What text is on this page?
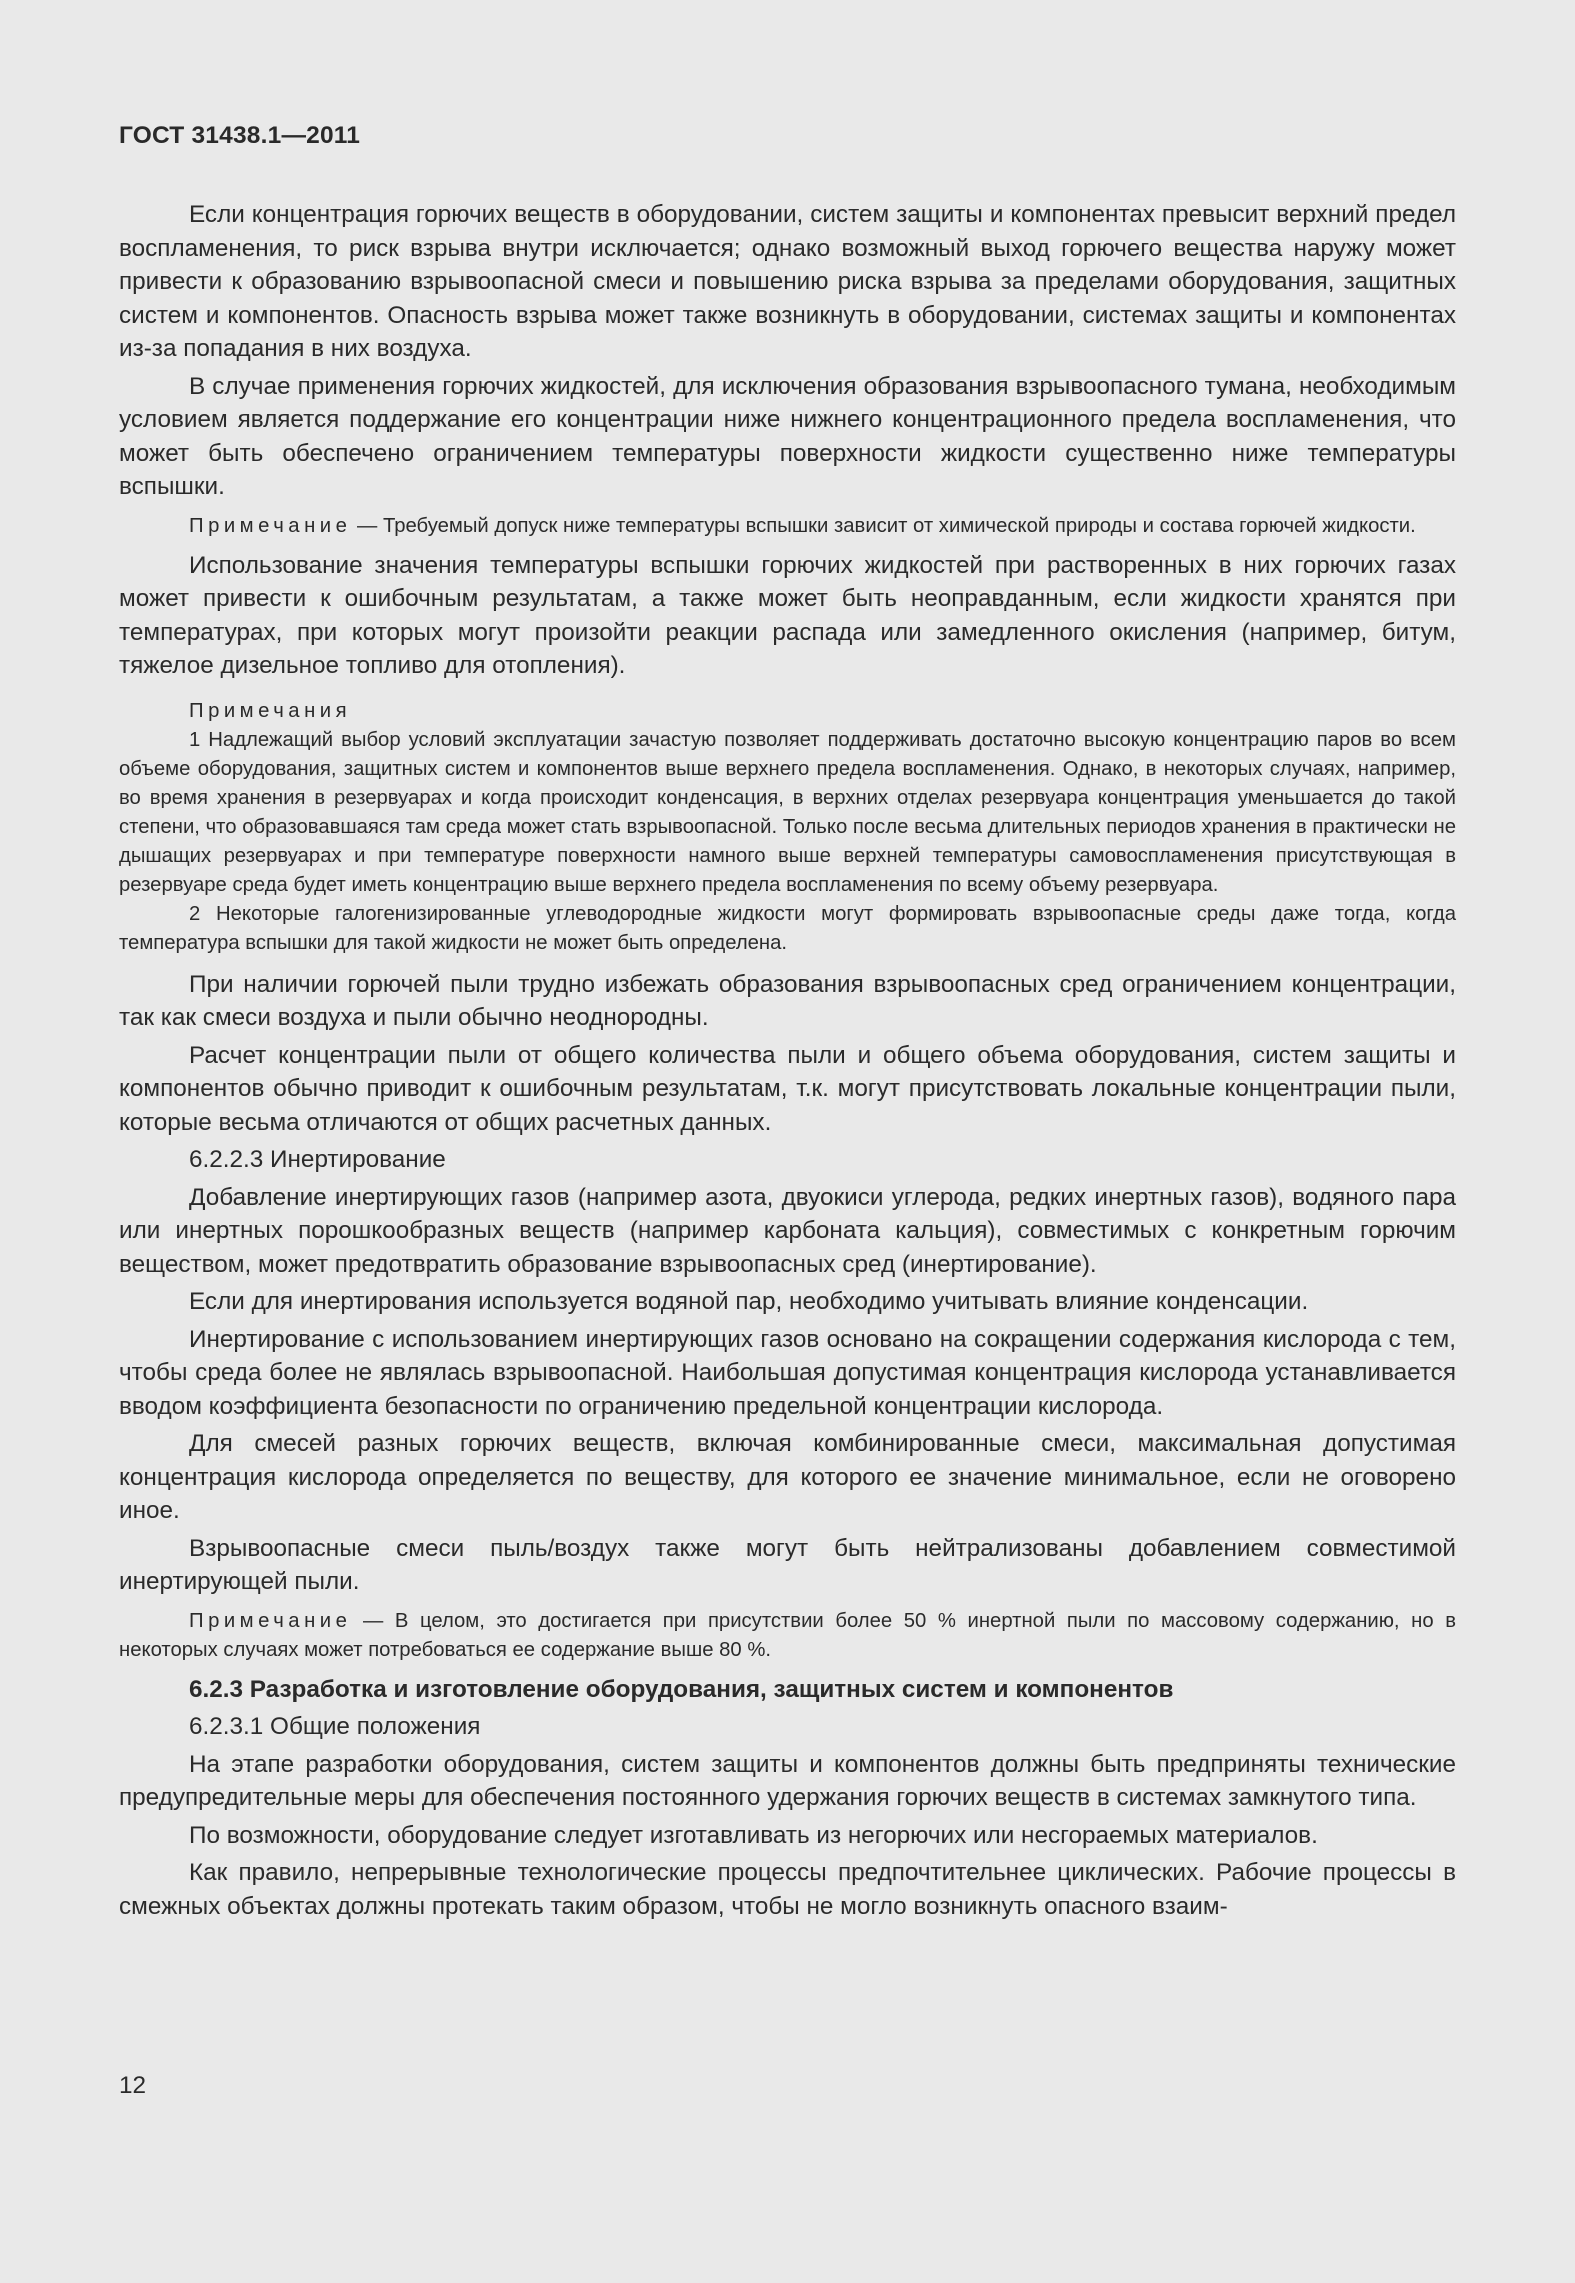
ГОСТ 31438.1—2011

Если концентрация горючих веществ в оборудовании, систем защиты и компонентах превысит верхний предел воспламенения, то риск взрыва внутри исключается; однако возможный выход горючего вещества наружу может привести к образованию взрывоопасной смеси и повышению риска взрыва за пределами оборудования, защитных систем и компонентов. Опасность взрыва может также возникнуть в оборудовании, системах защиты и компонентах из-за попадания в них воздуха.

В случае применения горючих жидкостей, для исключения образования взрывоопасного тумана, необходимым условием является поддержание его концентрации ниже нижнего концентрационного предела воспламенения, что может быть обеспечено ограничением температуры поверхности жидкости существенно ниже температуры вспышки.

Примечание — Требуемый допуск ниже температуры вспышки зависит от химической природы и состава горючей жидкости.

Использование значения температуры вспышки горючих жидкостей при растворенных в них горючих газах может привести к ошибочным результатам, а также может быть неоправданным, если жидкости хранятся при температурах, при которых могут произойти реакции распада или замедленного окисления (например, битум, тяжелое дизельное топливо для отопления).

Примечания

1 Надлежащий выбор условий эксплуатации зачастую позволяет поддерживать достаточно высокую концентрацию паров во всем объеме оборудования, защитных систем и компонентов выше верхнего предела воспламенения. Однако, в некоторых случаях, например, во время хранения в резервуарах и когда происходит конденсация, в верхних отделах резервуара концентрация уменьшается до такой степени, что образовавшаяся там среда может стать взрывоопасной. Только после весьма длительных периодов хранения в практически не дышащих резервуарах и при температуре поверхности намного выше верхней температуры самовоспламенения присутствующая в резервуаре среда будет иметь концентрацию выше верхнего предела воспламенения по всему объему резервуара.

2 Некоторые галогенизированные углеводородные жидкости могут формировать взрывоопасные среды даже тогда, когда температура вспышки для такой жидкости не может быть определена.

При наличии горючей пыли трудно избежать образования взрывоопасных сред ограничением концентрации, так как смеси воздуха и пыли обычно неоднородны.

Расчет концентрации пыли от общего количества пыли и общего объема оборудования, систем защиты и компонентов обычно приводит к ошибочным результатам, т.к. могут присутствовать локальные концентрации пыли, которые весьма отличаются от общих расчетных данных.

6.2.2.3 Инертирование

Добавление инертирующих газов (например азота, двуокиси углерода, редких инертных газов), водяного пара или инертных порошкообразных веществ (например карбоната кальция), совместимых с конкретным горючим веществом, может предотвратить образование взрывоопасных сред (инертирование).

Если для инертирования используется водяной пар, необходимо учитывать влияние конденсации.

Инертирование с использованием инертирующих газов основано на сокращении содержания кислорода с тем, чтобы среда более не являлась взрывоопасной. Наибольшая допустимая концентрация кислорода устанавливается вводом коэффициента безопасности по ограничению предельной концентрации кислорода.

Для смесей разных горючих веществ, включая комбинированные смеси, максимальная допустимая концентрация кислорода определяется по веществу, для которого ее значение минимальное, если не оговорено иное.

Взрывоопасные смеси пыль/воздух также могут быть нейтрализованы добавлением совместимой инертирующей пыли.

Примечание — В целом, это достигается при присутствии более 50 % инертной пыли по массовому содержанию, но в некоторых случаях может потребоваться ее содержание выше 80 %.

6.2.3 Разработка и изготовление оборудования, защитных систем и компонентов

6.2.3.1 Общие положения

На этапе разработки оборудования, систем защиты и компонентов должны быть предприняты технические предупредительные меры для обеспечения постоянного удержания горючих веществ в системах замкнутого типа.

По возможности, оборудование следует изготавливать из негорючих или несгораемых материалов.

Как правило, непрерывные технологические процессы предпочтительнее циклических. Рабочие процессы в смежных объектах должны протекать таким образом, чтобы не могло возникнуть опасного взаим-

12
